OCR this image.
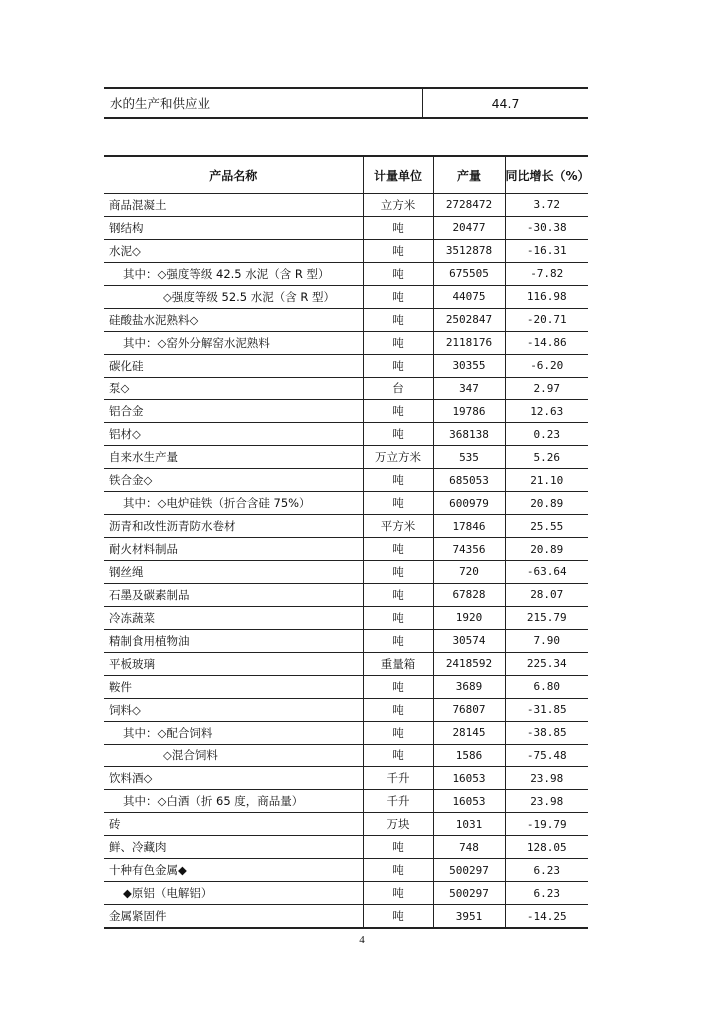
水的生产和供应业	44.7
产品名称	计量单位	产量	同比增长（%）
商品混凝土	立方米	2728472	3.72
钢结构	吨	20477	-30.38
水泥◇	吨	3512878	-16.31
其中：◇强度等级 42.5 水泥（含 R 型）	吨	675505	-7.82
◇强度等级 52.5 水泥（含 R 型）	吨	44075	116.98
硅酸盐水泥熟料◇	吨	2502847	-20.71
其中：◇窑外分解窑水泥熟料	吨	2118176	-14.86
碳化硅	吨	30355	-6.20
泵◇	台	347	2.97
铝合金	吨	19786	12.63
铝材◇	吨	368138	0.23
自来水生产量	万立方米	535	5.26
铁合金◇	吨	685053	21.10
其中：◇电炉硅铁（折合含硅 75%）	吨	600979	20.89
沥青和改性沥青防水卷材	平方米	17846	25.55
耐火材料制品	吨	74356	20.89
钢丝绳	吨	720	-63.64
石墨及碳素制品	吨	67828	28.07
冷冻蔬菜	吨	1920	215.79
精制食用植物油	吨	30574	7.90
平板玻璃	重量箱	2418592	225.34
鞍件	吨	3689	6.80
饲料◇	吨	76807	-31.85
其中：◇配合饲料	吨	28145	-38.85
◇混合饲料	吨	1586	-75.48
饮料酒◇	千升	16053	23.98
其中：◇白酒（折 65 度，商品量）	千升	16053	23.98
砖	万块	1031	-19.79
鲜、冷藏肉	吨	748	128.05
十种有色金属◆	吨	500297	6.23
◆原铝（电解铝）	吨	500297	6.23
金属紧固件	吨	3951	-14.25
4
